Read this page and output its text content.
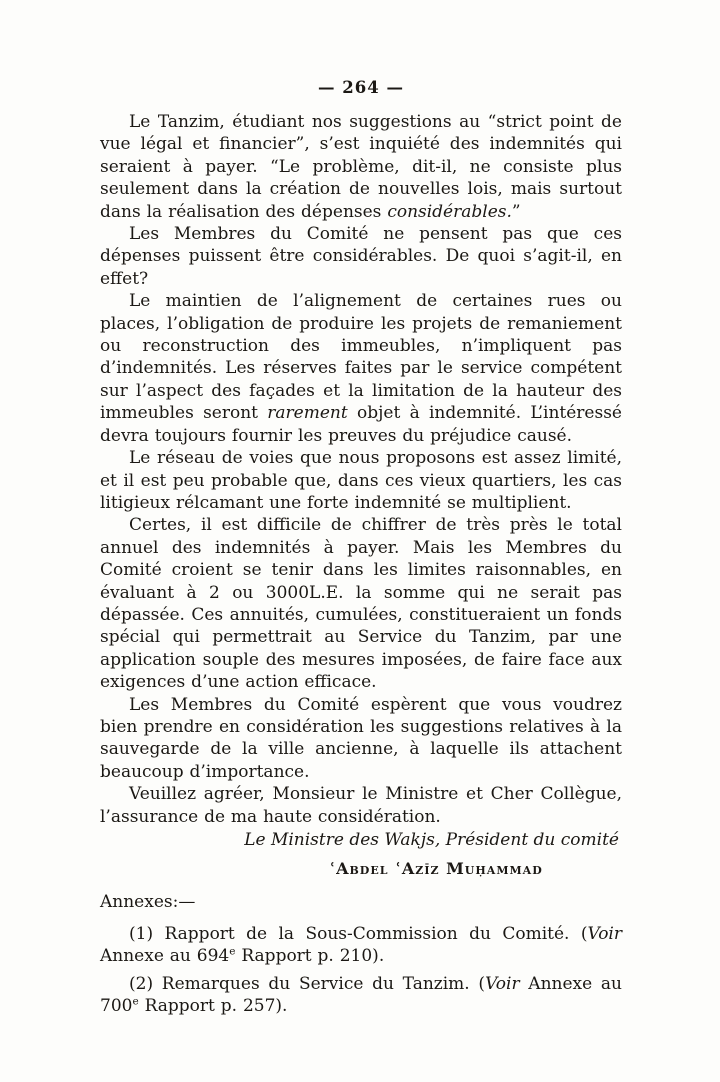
— 264 —

Le Tanzim, étudiant nos suggestions au “strict point de vue légal et financier”, s’est inquiété des indemnités qui seraient à payer. “Le problème, dit-il, ne consiste plus seulement dans la création de nouvelles lois, mais surtout dans la réalisation des dépenses considérables.”

Les Membres du Comité ne pensent pas que ces dépenses puissent être considérables. De quoi s’agit-il, en effet?

Le maintien de l’alignement de certaines rues ou places, l’obligation de produire les projets de remaniement ou reconstruction des immeubles, n’impliquent pas d’indemnités. Les réserves faites par le service compétent sur l’aspect des façades et la limitation de la hauteur des immeubles seront rarement objet à indemnité. L’intéressé devra toujours fournir les preuves du préjudice causé.

Le réseau de voies que nous proposons est assez limité, et il est peu probable que, dans ces vieux quartiers, les cas litigieux rélcamant une forte indemnité se multiplient.

Certes, il est difficile de chiffrer de très près le total annuel des indemnités à payer. Mais les Membres du Comité croient se tenir dans les limites raisonnables, en évaluant à 2 ou 3000L.E. la somme qui ne serait pas dépassée. Ces annuités, cumulées, constitueraient un fonds spécial qui permettrait au Service du Tanzim, par une application souple des mesures imposées, de faire face aux exigences d’une action efficace.

Les Membres du Comité espèrent que vous voudrez bien prendre en considération les suggestions relatives à la sauvegarde de la ville ancienne, à laquelle ils attachent beaucoup d’importance.

Veuillez agréer, Monsieur le Ministre et Cher Collègue, l’assurance de ma haute considération.

Le Ministre des Wakjs, Président du comité
ʿAbdel ʿAzīz Muḥammad
Annexes:—

(1) Rapport de la Sous-Commission du Comité. (Voir Annexe au 694e Rapport p. 210).

(2) Remarques du Service du Tanzim. (Voir Annexe au 700e Rapport p. 257).
